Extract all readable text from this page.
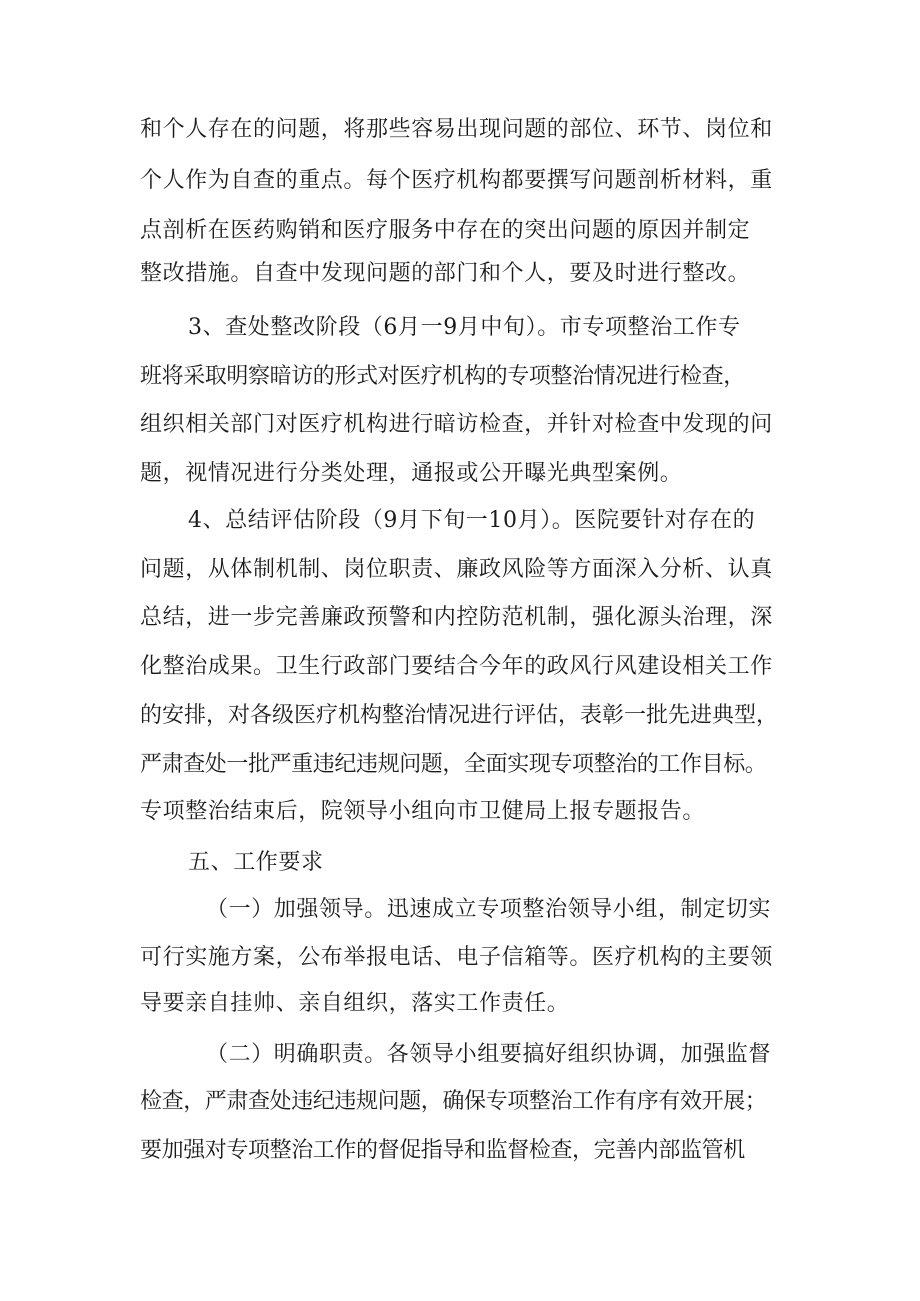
和个人存在的问题，将那些容易出现问题的部位、环节、岗位和
个人作为自查的重点。每个医疗机构都要撰写问题剖析材料，重
点剖析在医药购销和医疗服务中存在的突出问题的原因并制定
整改措施。自查中发现问题的部门和个人，要及时进行整改。
3、查处整改阶段（6月一9月中旬）。市专项整治工作专
班将采取明察暗访的形式对医疗机构的专项整治情况进行检查，
组织相关部门对医疗机构进行暗访检查，并针对检查中发现的问
题，视情况进行分类处理，通报或公开曝光典型案例。
4、总结评估阶段（9月下旬一10月）。医院要针对存在的
问题，从体制机制、岗位职责、廉政风险等方面深入分析、认真
总结，进一步完善廉政预警和内控防范机制，强化源头治理，深
化整治成果。卫生行政部门要结合今年的政风行风建设相关工作
的安排，对各级医疗机构整治情况进行评估，表彰一批先进典型，
严肃查处一批严重违纪违规问题，全面实现专项整治的工作目标。
专项整治结束后，院领导小组向市卫健局上报专题报告。
五、工作要求
（一）加强领导。迅速成立专项整治领导小组，制定切实
可行实施方案，公布举报电话、电子信箱等。医疗机构的主要领
导要亲自挂帅、亲自组织，落实工作责任。
（二）明确职责。各领导小组要搞好组织协调，加强监督
检查，严肃查处违纪违规问题，确保专项整治工作有序有效开展；
要加强对专项整治工作的督促指导和监督检查，完善内部监管机
